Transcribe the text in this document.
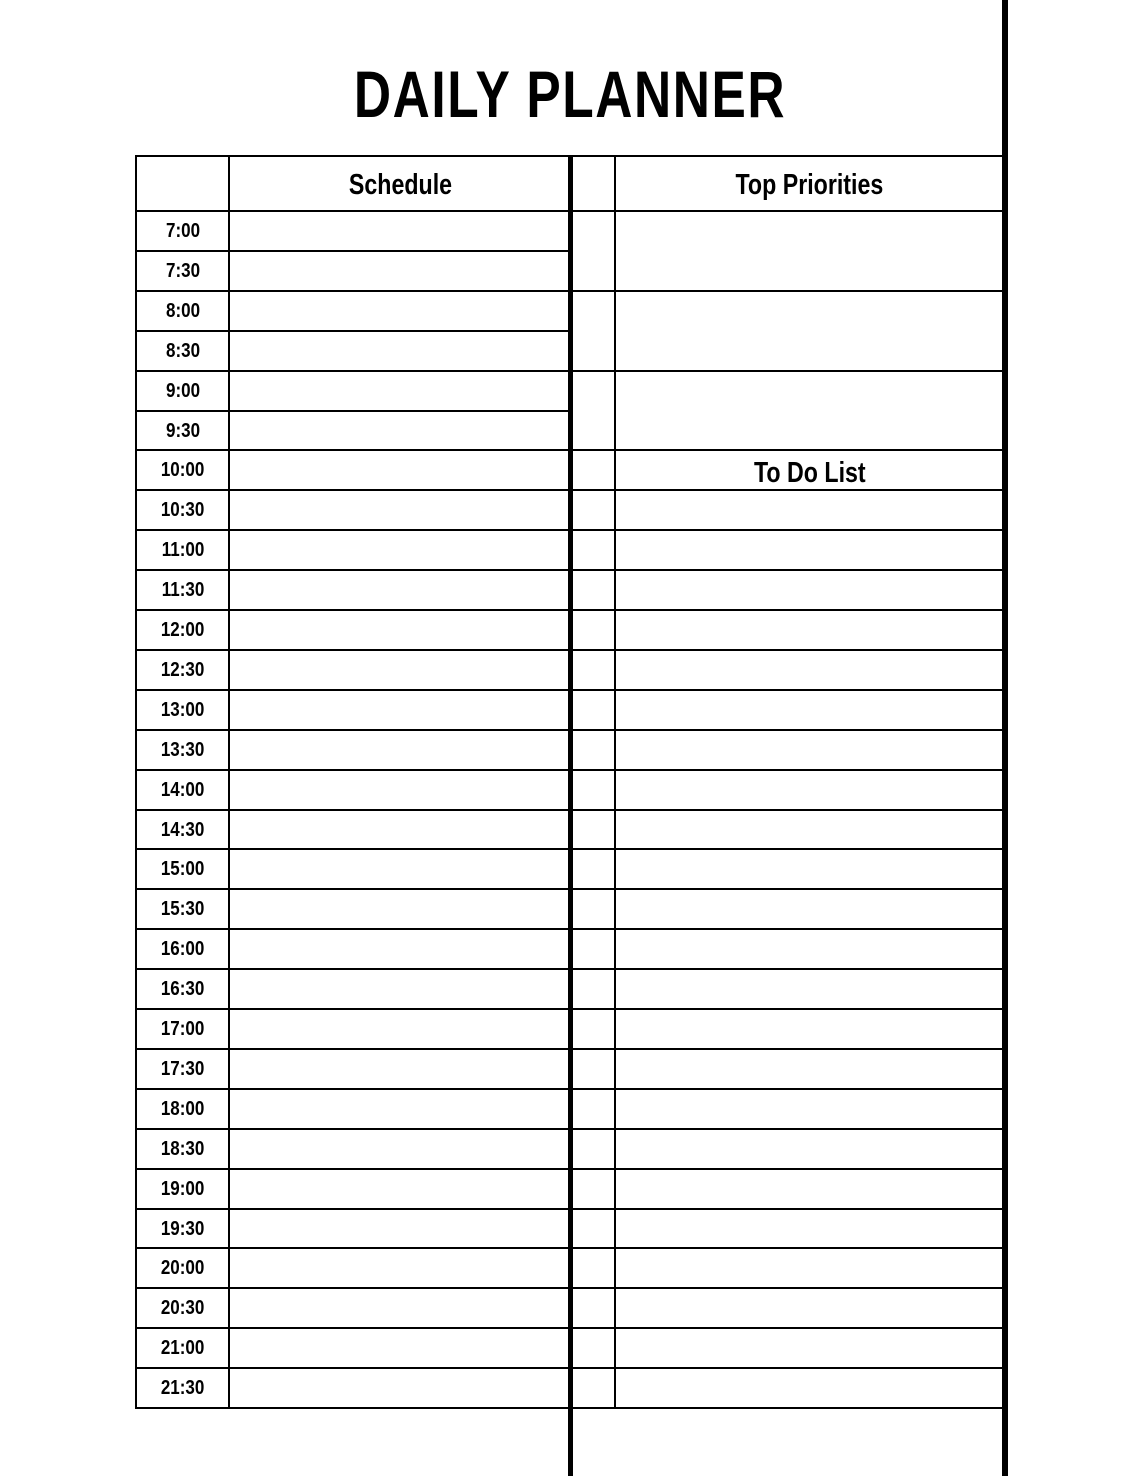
DAILY PLANNER
Schedule	Top Priorities
To Do List
7:00
7:30
8:00
8:30
9:00
9:30
10:00
10:30
11:00
11:30
12:00
12:30
13:00
13:30
14:00
14:30
15:00
15:30
16:00
16:30
17:00
17:30
18:00
18:30
19:00
19:30
20:00
20:30
21:00
21:30
